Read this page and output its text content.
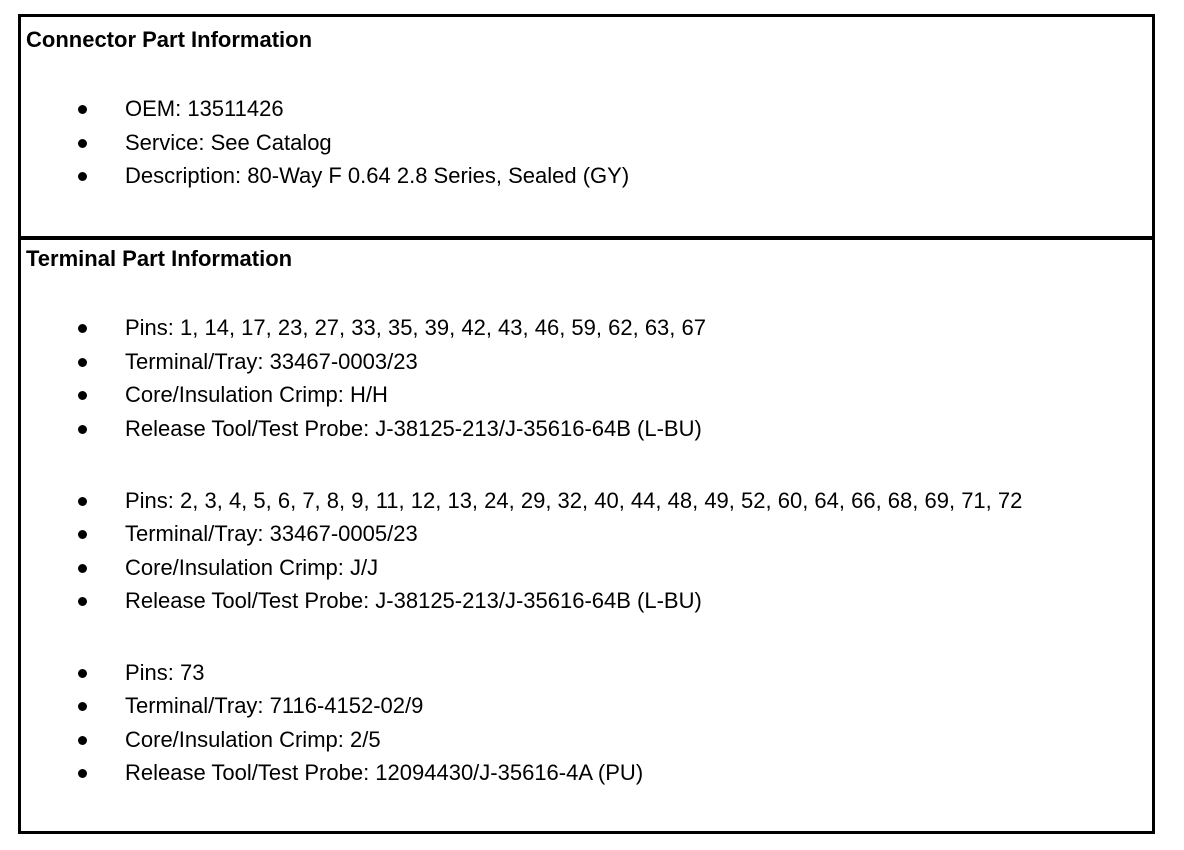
Connector Part Information
OEM: 13511426
Service: See Catalog
Description: 80-Way F 0.64 2.8 Series, Sealed (GY)
Terminal Part Information
Pins: 1, 14, 17, 23, 27, 33, 35, 39, 42, 43, 46, 59, 62, 63, 67
Terminal/Tray: 33467-0003/23
Core/Insulation Crimp: H/H
Release Tool/Test Probe: J-38125-213/J-35616-64B (L-BU)
Pins: 2, 3, 4, 5, 6, 7, 8, 9, 11, 12, 13, 24, 29, 32, 40, 44, 48, 49, 52, 60, 64, 66, 68, 69, 71, 72
Terminal/Tray: 33467-0005/23
Core/Insulation Crimp: J/J
Release Tool/Test Probe: J-38125-213/J-35616-64B (L-BU)
Pins: 73
Terminal/Tray: 7116-4152-02/9
Core/Insulation Crimp: 2/5
Release Tool/Test Probe: 12094430/J-35616-4A (PU)
